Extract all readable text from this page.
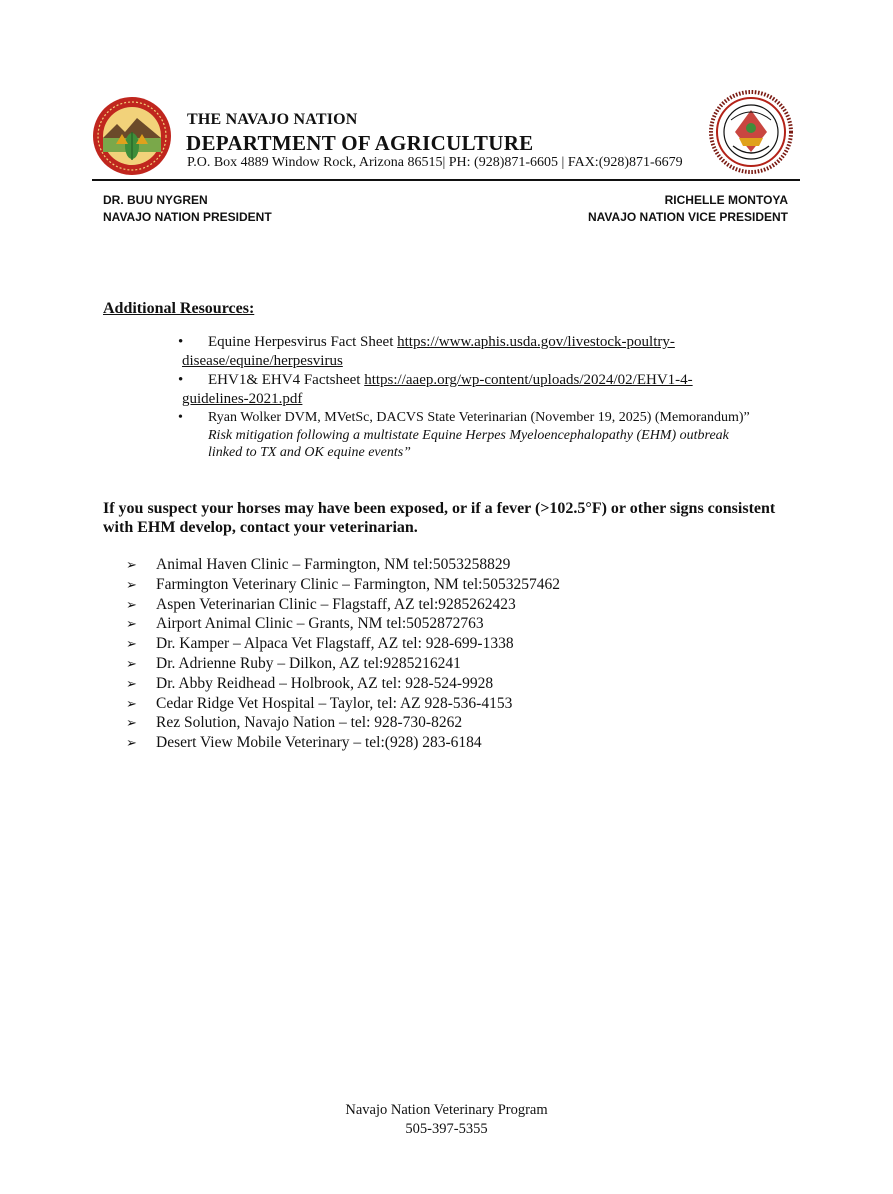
THE NAVAJO NATION
DEPARTMENT OF AGRICULTURE
P.O. Box 4889 Window Rock, Arizona 86515| PH: (928)871-6605 | FAX:(928)871-6679
DR. BUU NYGREN
NAVAJO NATION PRESIDENT
RICHELLE MONTOYA
NAVAJO NATION VICE PRESIDENT
Additional Resources:
• Equine Herpesvirus Fact Sheet https://www.aphis.usda.gov/livestock-poultry-
disease/equine/herpesvirus
• EHV1& EHV4 Factsheet https://aaep.org/wp-content/uploads/2024/02/EHV1-4-
guidelines-2021.pdf
• Ryan Wolker DVM, MVetSc, DACVS State Veterinarian (November 19, 2025) (Memorandum)”
Risk mitigation following a multistate Equine Herpes Myeloencephalopathy (EHM) outbreak
linked to TX and OK equine events”
If you suspect your horses may have been exposed, or if a fever (>102.5°F) or other signs consistent
with EHM develop, contact your veterinarian.
➢ Animal Haven Clinic – Farmington, NM tel:5053258829
➢ Farmington Veterinary Clinic – Farmington, NM tel:5053257462
➢ Aspen Veterinarian Clinic – Flagstaff, AZ tel:9285262423
➢ Airport Animal Clinic – Grants, NM tel:5052872763
➢ Dr. Kamper – Alpaca Vet Flagstaff, AZ tel: 928-699-1338
➢ Dr. Adrienne Ruby – Dilkon, AZ tel:9285216241
➢ Dr. Abby Reidhead – Holbrook, AZ tel: 928-524-9928
➢ Cedar Ridge Vet Hospital – Taylor, tel: AZ 928-536-4153
➢ Rez Solution, Navajo Nation – tel: 928-730-8262
➢ Desert View Mobile Veterinary – tel:(928) 283-6184
Navajo Nation Veterinary Program
505-397-5355
